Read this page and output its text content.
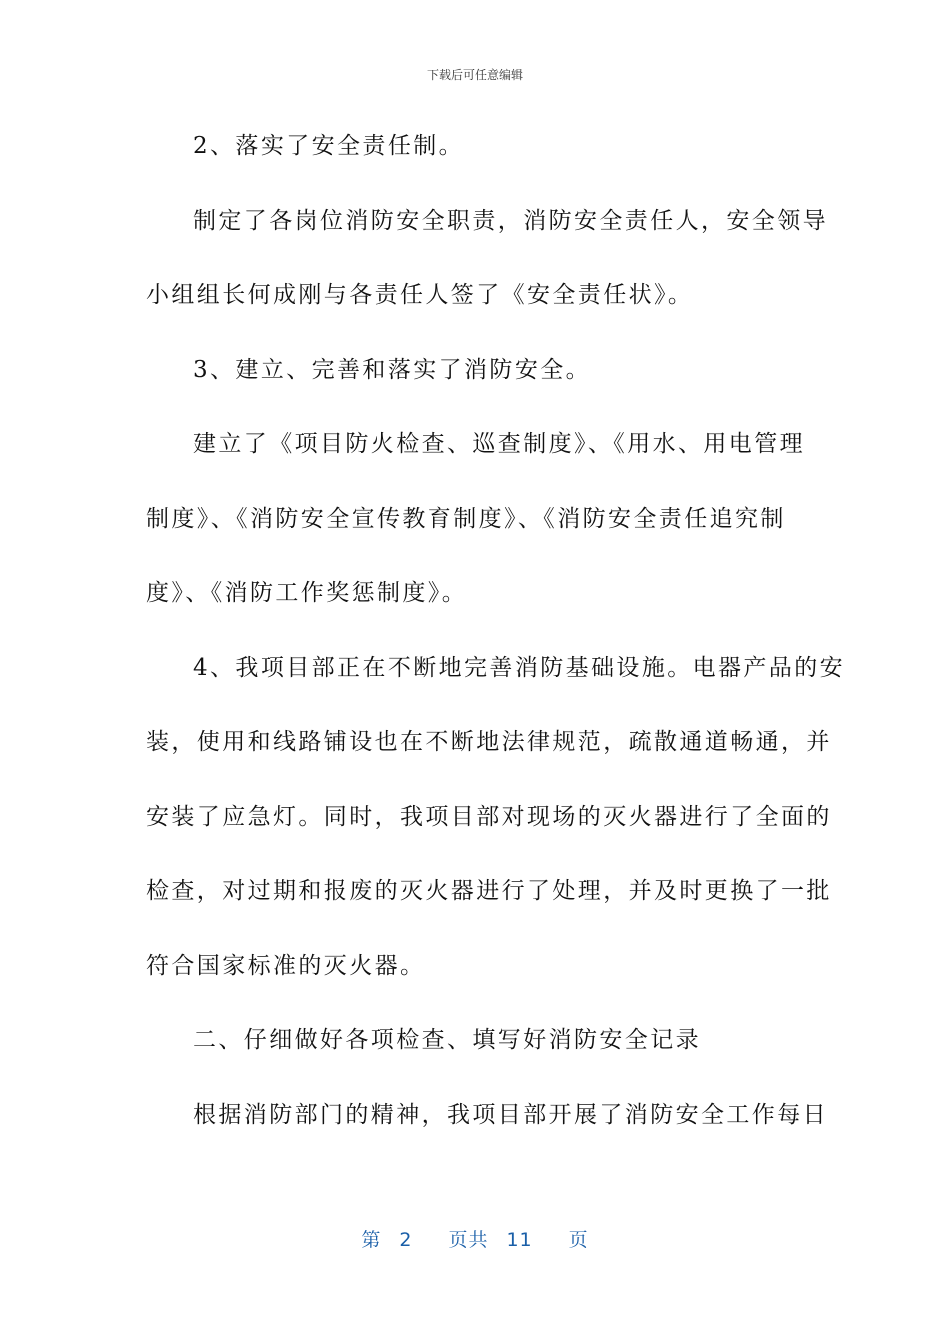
下载后可任意编辑
2、落实了安全责任制。
制定了各岗位消防安全职责，消防安全责任人，安全领导
小组组长何成刚与各责任人签了《安全责任状》。
3、建立、完善和落实了消防安全。
建立了《项目防火检查、巡查制度》、《用水、用电管理
制度》、《消防安全宣传教育制度》、《消防安全责任追究制
度》、《消防工作奖惩制度》。
4、我项目部正在不断地完善消防基础设施。电器产品的安
装，使用和线路铺设也在不断地法律规范，疏散通道畅通，并
安装了应急灯。同时，我项目部对现场的灭火器进行了全面的
检查，对过期和报废的灭火器进行了处理，并及时更换了一批
符合国家标准的灭火器。
二、仔细做好各项检查、填写好消防安全记录
根据消防部门的精神，我项目部开展了消防安全工作每日
第 2 页共 11 页
